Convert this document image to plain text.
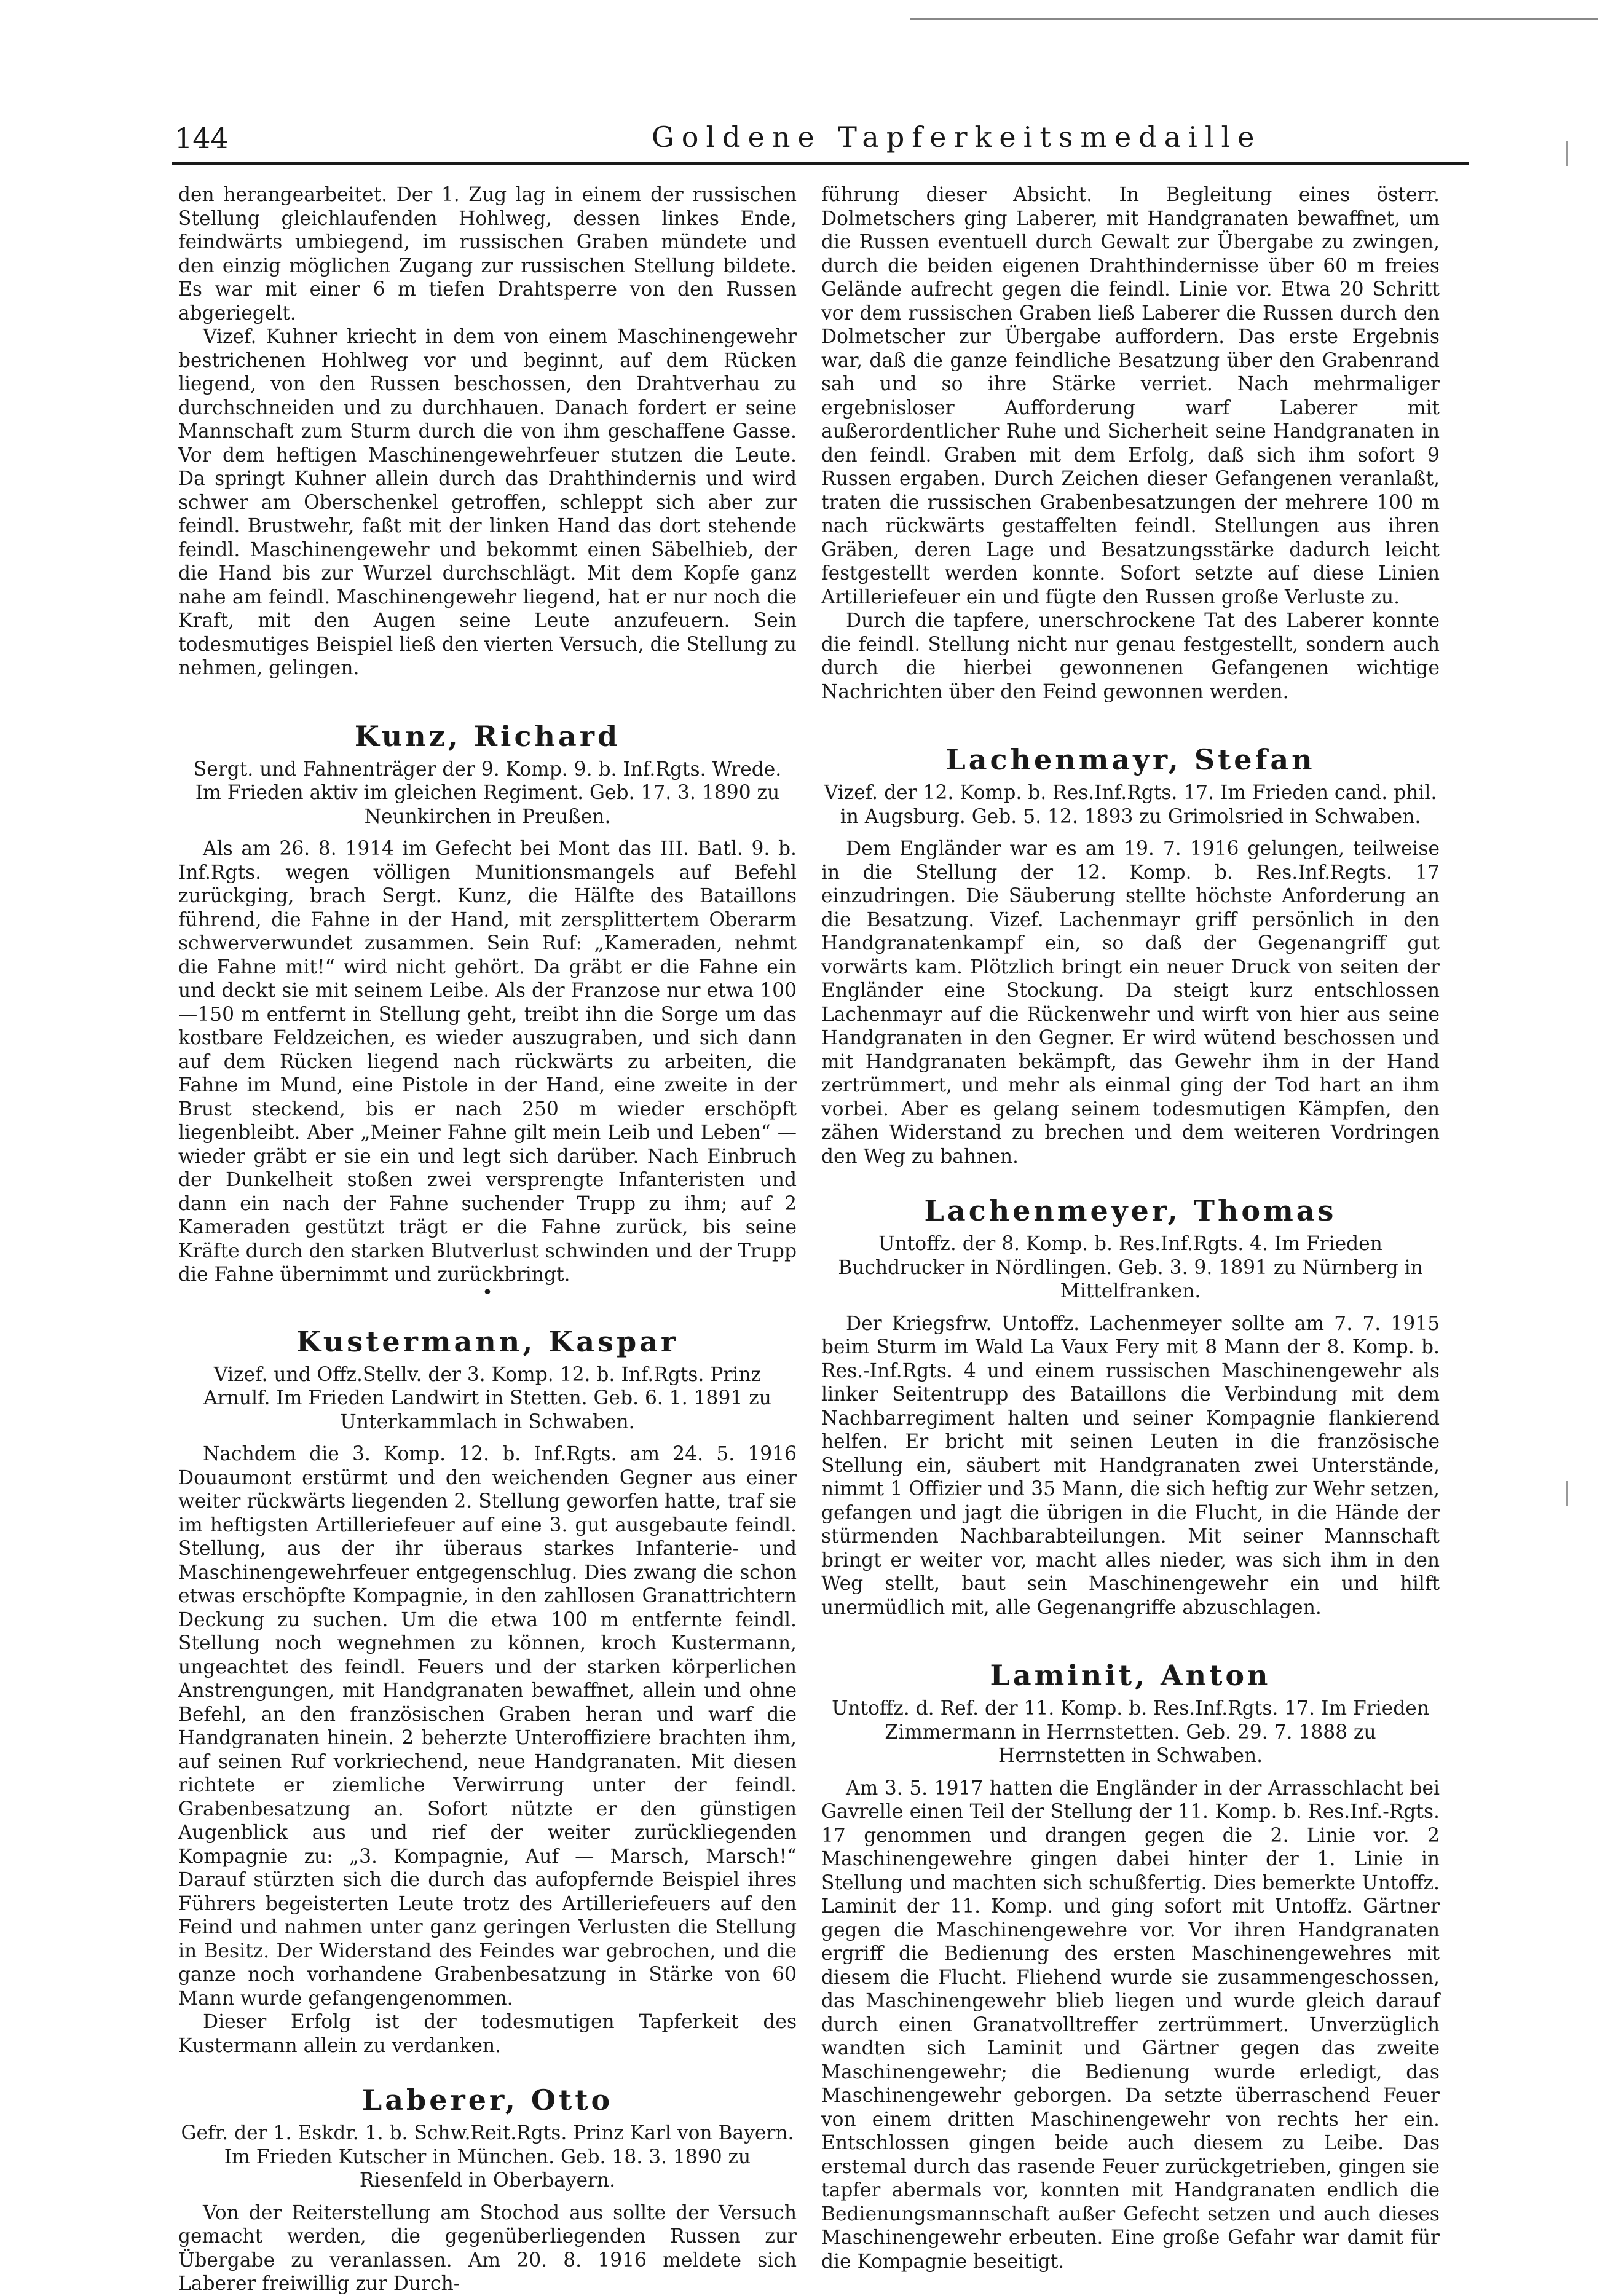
144	Goldene Tapferkeitsmedaille

den herangearbeitet. Der 1. Zug lag in einem der russischen Stellung gleichlaufenden Hohlweg, dessen linkes Ende, feindwärts umbiegend, im russischen Graben mündete und den einzig möglichen Zugang zur russischen Stellung bildete. Es war mit einer 6 m tiefen Drahtsperre von den Russen abgeriegelt.

Vizef. Kuhner kriecht in dem von einem Maschinengewehr bestrichenen Hohlweg vor und beginnt, auf dem Rücken liegend, von den Russen beschossen, den Drahtverhau zu durchschneiden und zu durchhauen. Danach fordert er seine Mannschaft zum Sturm durch die von ihm geschaffene Gasse. Vor dem heftigen Maschinengewehrfeuer stutzen die Leute. Da springt Kuhner allein durch das Drahthindernis und wird schwer am Oberschenkel getroffen, schleppt sich aber zur feindl. Brustwehr, faßt mit der linken Hand das dort stehende feindl. Maschinengewehr und bekommt einen Säbelhieb, der die Hand bis zur Wurzel durchschlägt. Mit dem Kopfe ganz nahe am feindl. Maschinengewehr liegend, hat er nur noch die Kraft, mit den Augen seine Leute anzufeuern. Sein todesmutiges Beispiel ließ den vierten Versuch, die Stellung zu nehmen, gelingen.

Kunz, Richard

Sergt. und Fahnenträger der 9. Komp. 9. b. Inf.Rgts. Wrede. Im Frieden aktiv im gleichen Regiment. Geb. 17. 3. 1890 zu Neunkirchen in Preußen.

Als am 26. 8. 1914 im Gefecht bei Mont das III. Batl. 9. b. Inf.Rgts. wegen völligen Munitionsmangels auf Befehl zurückging, brach Sergt. Kunz, die Hälfte des Bataillons führend, die Fahne in der Hand, mit zersplittertem Oberarm schwerverwundet zusammen. Sein Ruf: „Kameraden, nehmt die Fahne mit!“ wird nicht gehört. Da gräbt er die Fahne ein und deckt sie mit seinem Leibe. Als der Franzose nur etwa 100—150 m entfernt in Stellung geht, treibt ihn die Sorge um das kostbare Feldzeichen, es wieder auszugraben, und sich dann auf dem Rücken liegend nach rückwärts zu arbeiten, die Fahne im Mund, eine Pistole in der Hand, eine zweite in der Brust steckend, bis er nach 250 m wieder erschöpft liegenbleibt. Aber „Meiner Fahne gilt mein Leib und Leben“ — wieder gräbt er sie ein und legt sich darüber. Nach Einbruch der Dunkelheit stoßen zwei versprengte Infanteristen und dann ein nach der Fahne suchender Trupp zu ihm; auf 2 Kameraden gestützt trägt er die Fahne zurück, bis seine Kräfte durch den starken Blutverlust schwinden und der Trupp die Fahne übernimmt und zurückbringt.

•
Kustermann, Kaspar

Vizef. und Offz.Stellv. der 3. Komp. 12. b. Inf.Rgts. Prinz Arnulf. Im Frieden Landwirt in Stetten. Geb. 6. 1. 1891 zu Unterkammlach in Schwaben.

Nachdem die 3. Komp. 12. b. Inf.Rgts. am 24. 5. 1916 Douaumont erstürmt und den weichenden Gegner aus einer weiter rückwärts liegenden 2. Stellung geworfen hatte, traf sie im heftigsten Artilleriefeuer auf eine 3. gut ausgebaute feindl. Stellung, aus der ihr überaus starkes Infanterie- und Maschinengewehrfeuer entgegenschlug. Dies zwang die schon etwas erschöpfte Kompagnie, in den zahllosen Granattrichtern Deckung zu suchen. Um die etwa 100 m entfernte feindl. Stellung noch wegnehmen zu können, kroch Kustermann, ungeachtet des feindl. Feuers und der starken körperlichen Anstrengungen, mit Handgranaten bewaffnet, allein und ohne Befehl, an den französischen Graben heran und warf die Handgranaten hinein. 2 beherzte Unteroffiziere brachten ihm, auf seinen Ruf vorkriechend, neue Handgranaten. Mit diesen richtete er ziemliche Verwirrung unter der feindl. Grabenbesatzung an. Sofort nützte er den günstigen Augenblick aus und rief der weiter zurückliegenden Kompagnie zu: „3. Kompagnie, Auf — Marsch, Marsch!“ Darauf stürzten sich die durch das aufopfernde Beispiel ihres Führers begeisterten Leute trotz des Artilleriefeuers auf den Feind und nahmen unter ganz geringen Verlusten die Stellung in Besitz. Der Widerstand des Feindes war gebrochen, und die ganze noch vorhandene Grabenbesatzung in Stärke von 60 Mann wurde gefangengenommen.

Dieser Erfolg ist der todesmutigen Tapferkeit des Kustermann allein zu verdanken.

Laberer, Otto

Gefr. der 1. Eskdr. 1. b. Schw.Reit.Rgts. Prinz Karl von Bayern. Im Frieden Kutscher in München. Geb. 18. 3. 1890 zu Riesenfeld in Oberbayern.

Von der Reiterstellung am Stochod aus sollte der Versuch gemacht werden, die gegenüberliegenden Russen zur Übergabe zu veranlassen. Am 20. 8. 1916 meldete sich Laberer freiwillig zur Durch-

führung dieser Absicht. In Begleitung eines österr. Dolmetschers ging Laberer, mit Handgranaten bewaffnet, um die Russen eventuell durch Gewalt zur Übergabe zu zwingen, durch die beiden eigenen Drahthindernisse über 60 m freies Gelände aufrecht gegen die feindl. Linie vor. Etwa 20 Schritt vor dem russischen Graben ließ Laberer die Russen durch den Dolmetscher zur Übergabe auffordern. Das erste Ergebnis war, daß die ganze feindliche Besatzung über den Grabenrand sah und so ihre Stärke verriet. Nach mehrmaliger ergebnisloser Aufforderung warf Laberer mit außerordentlicher Ruhe und Sicherheit seine Handgranaten in den feindl. Graben mit dem Erfolg, daß sich ihm sofort 9 Russen ergaben. Durch Zeichen dieser Gefangenen veranlaßt, traten die russischen Grabenbesatzungen der mehrere 100 m nach rückwärts gestaffelten feindl. Stellungen aus ihren Gräben, deren Lage und Besatzungsstärke dadurch leicht festgestellt werden konnte. Sofort setzte auf diese Linien Artilleriefeuer ein und fügte den Russen große Verluste zu.

Durch die tapfere, unerschrockene Tat des Laberer konnte die feindl. Stellung nicht nur genau festgestellt, sondern auch durch die hierbei gewonnenen Gefangenen wichtige Nachrichten über den Feind gewonnen werden.

Lachenmayr, Stefan

Vizef. der 12. Komp. b. Res.Inf.Rgts. 17. Im Frieden cand. phil. in Augsburg. Geb. 5. 12. 1893 zu Grimolsried in Schwaben.

Dem Engländer war es am 19. 7. 1916 gelungen, teilweise in die Stellung der 12. Komp. b. Res.Inf.Regts. 17 einzudringen. Die Säuberung stellte höchste Anforderung an die Besatzung. Vizef. Lachenmayr griff persönlich in den Handgranatenkampf ein, so daß der Gegenangriff gut vorwärts kam. Plötzlich bringt ein neuer Druck von seiten der Engländer eine Stockung. Da steigt kurz entschlossen Lachenmayr auf die Rückenwehr und wirft von hier aus seine Handgranaten in den Gegner. Er wird wütend beschossen und mit Handgranaten bekämpft, das Gewehr ihm in der Hand zertrümmert, und mehr als einmal ging der Tod hart an ihm vorbei. Aber es gelang seinem todesmutigen Kämpfen, den zähen Widerstand zu brechen und dem weiteren Vordringen den Weg zu bahnen.

Lachenmeyer, Thomas

Untoffz. der 8. Komp. b. Res.Inf.Rgts. 4. Im Frieden Buchdrucker in Nördlingen. Geb. 3. 9. 1891 zu Nürnberg in Mittelfranken.

Der Kriegsfrw. Untoffz. Lachenmeyer sollte am 7. 7. 1915 beim Sturm im Wald La Vaux Fery mit 8 Mann der 8. Komp. b. Res.-Inf.Rgts. 4 und einem russischen Maschinengewehr als linker Seitentrupp des Bataillons die Verbindung mit dem Nachbarregiment halten und seiner Kompagnie flankierend helfen. Er bricht mit seinen Leuten in die französische Stellung ein, säubert mit Handgranaten zwei Unterstände, nimmt 1 Offizier und 35 Mann, die sich heftig zur Wehr setzen, gefangen und jagt die übrigen in die Flucht, in die Hände der stürmenden Nachbarabteilungen. Mit seiner Mannschaft bringt er weiter vor, macht alles nieder, was sich ihm in den Weg stellt, baut sein Maschinengewehr ein und hilft unermüdlich mit, alle Gegenangriffe abzuschlagen.

Laminit, Anton

Untoffz. d. Ref. der 11. Komp. b. Res.Inf.Rgts. 17. Im Frieden Zimmermann in Herrnstetten. Geb. 29. 7. 1888 zu Herrnstetten in Schwaben.

Am 3. 5. 1917 hatten die Engländer in der Arrasschlacht bei Gavrelle einen Teil der Stellung der 11. Komp. b. Res.Inf.-Rgts. 17 genommen und drangen gegen die 2. Linie vor. 2 Maschinengewehre gingen dabei hinter der 1. Linie in Stellung und machten sich schußfertig. Dies bemerkte Untoffz. Laminit der 11. Komp. und ging sofort mit Untoffz. Gärtner gegen die Maschinengewehre vor. Vor ihren Handgranaten ergriff die Bedienung des ersten Maschinengewehres mit diesem die Flucht. Fliehend wurde sie zusammengeschossen, das Maschinengewehr blieb liegen und wurde gleich darauf durch einen Granatvolltreffer zertrümmert. Unverzüglich wandten sich Laminit und Gärtner gegen das zweite Maschinengewehr; die Bedienung wurde erledigt, das Maschinengewehr geborgen. Da setzte überraschend Feuer von einem dritten Maschinengewehr von rechts her ein. Entschlossen gingen beide auch diesem zu Leibe. Das erstemal durch das rasende Feuer zurückgetrieben, gingen sie tapfer abermals vor, konnten mit Handgranaten endlich die Bedienungsmannschaft außer Gefecht setzen und auch dieses Maschinengewehr erbeuten. Eine große Gefahr war damit für die Kompagnie beseitigt.
